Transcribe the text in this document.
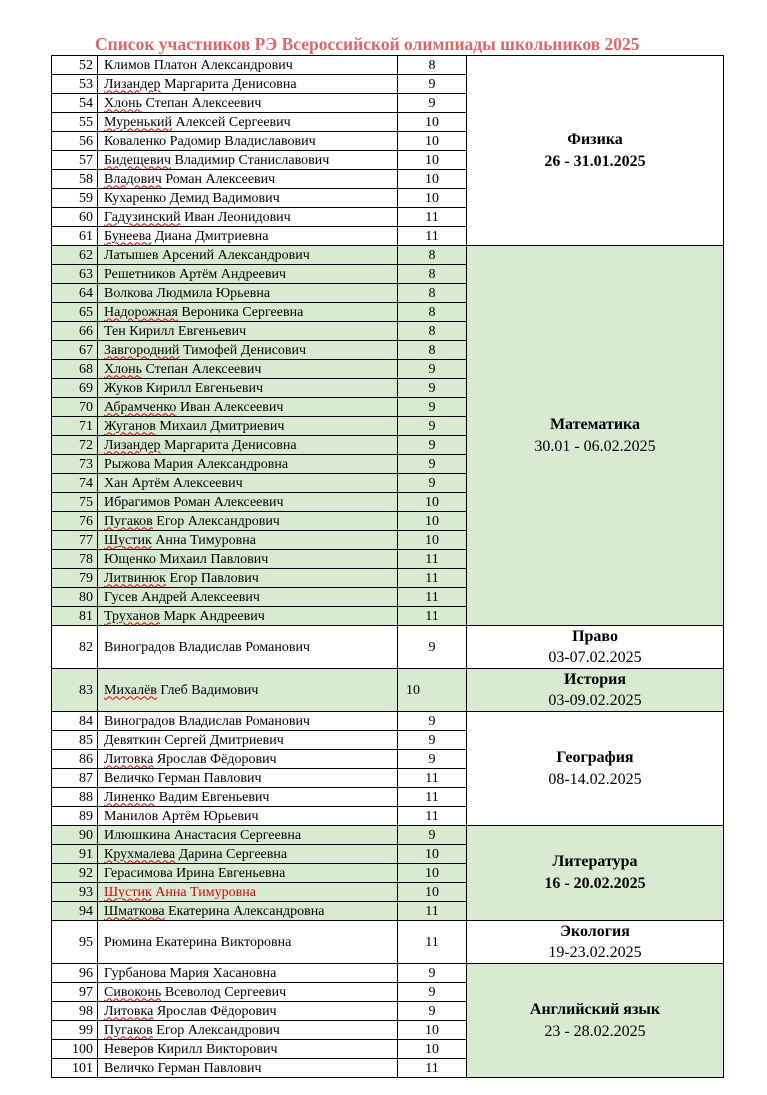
Список участников РЭ Всероссийской олимпиады школьников 2025
52	Климов Платон Александрович	8	Физика
26 - 31.01.2025

53	Лизандер Маргарита Денисовна	9	
54	Хлонь Степан Алексеевич	9	
55	Муренький Алексей Сергеевич	10	
56	Коваленко Радомир Владиславович	10	
57	Бидещевич Владимир Станиславович	10	
58	Владович Роман Алексеевич	10	
59	Кухаренко Демид Вадимович	10	
60	Гадузинский Иван Леонидович	11	
61	Бунеева Диана Дмитриевна	11	
62	Латышев Арсений Александрович	8	Математика
30.01 - 06.02.2025

63	Решетников Артём Андреевич	8	
64	Волкова Людмила Юрьевна	8	
65	Надорожная Вероника Сергеевна	8	
66	Тен Кирилл Евгеньевич	8	
67	Завгородний Тимофей Денисович	8	
68	Хлонь Степан Алексеевич	9	
69	Жуков Кирилл Евгеньевич	9	
70	Абрамченко Иван Алексеевич	9	
71	Жуганов Михаил Дмитриевич	9	
72	Лизандер Маргарита Денисовна	9	
73	Рыжова Мария Александровна	9	
74	Хан Артём Алексеевич	9	
75	Ибрагимов Роман Алексеевич	10	
76	Пугаков Егор Александрович	10	
77	Шустик Анна Тимуровна	10	
78	Ющенко Михаил Павлович	11	
79	Литвинюк Егор Павлович	11	
80	Гусев Андрей Алексеевич	11	
81	Труханов Марк Андреевич	11	
82	Виноградов Владислав Романович	9	Право
03-07.02.2025

83	Михалёв Глеб Вадимович	10	История
03-09.02.2025

84	Виноградов Владислав Романович	9	География
08-14.02.2025

85	Девяткин Сергей Дмитриевич	9	
86	Литовка Ярослав Фёдорович	9	
87	Величко Герман Павлович	11	
88	Линенко Вадим Евгеньевич	11	
89	Манилов Артём Юрьевич	11	
90	Илюшкина Анастасия Сергеевна	9	Литература
16 - 20.02.2025

91	Крухмалева Дарина Сергеевна	10	
92	Герасимова Ирина Евгеньевна	10	
93	Шустик Анна Тимуровна	10	
94	Шматкова Екатерина Александровна	11	
95	Рюмина Екатерина Викторовна	11	Экология
19-23.02.2025

96	Гурбанова Мария Хасановна	9	Английский язык
23 - 28.02.2025

97	Сивоконь Всеволод Сергеевич	9	
98	Литовка Ярослав Фёдорович	9	
99	Пугаков Егор Александрович	10	
100	Неверов Кирилл Викторович	10	
101	Величко Герман Павлович	11	
